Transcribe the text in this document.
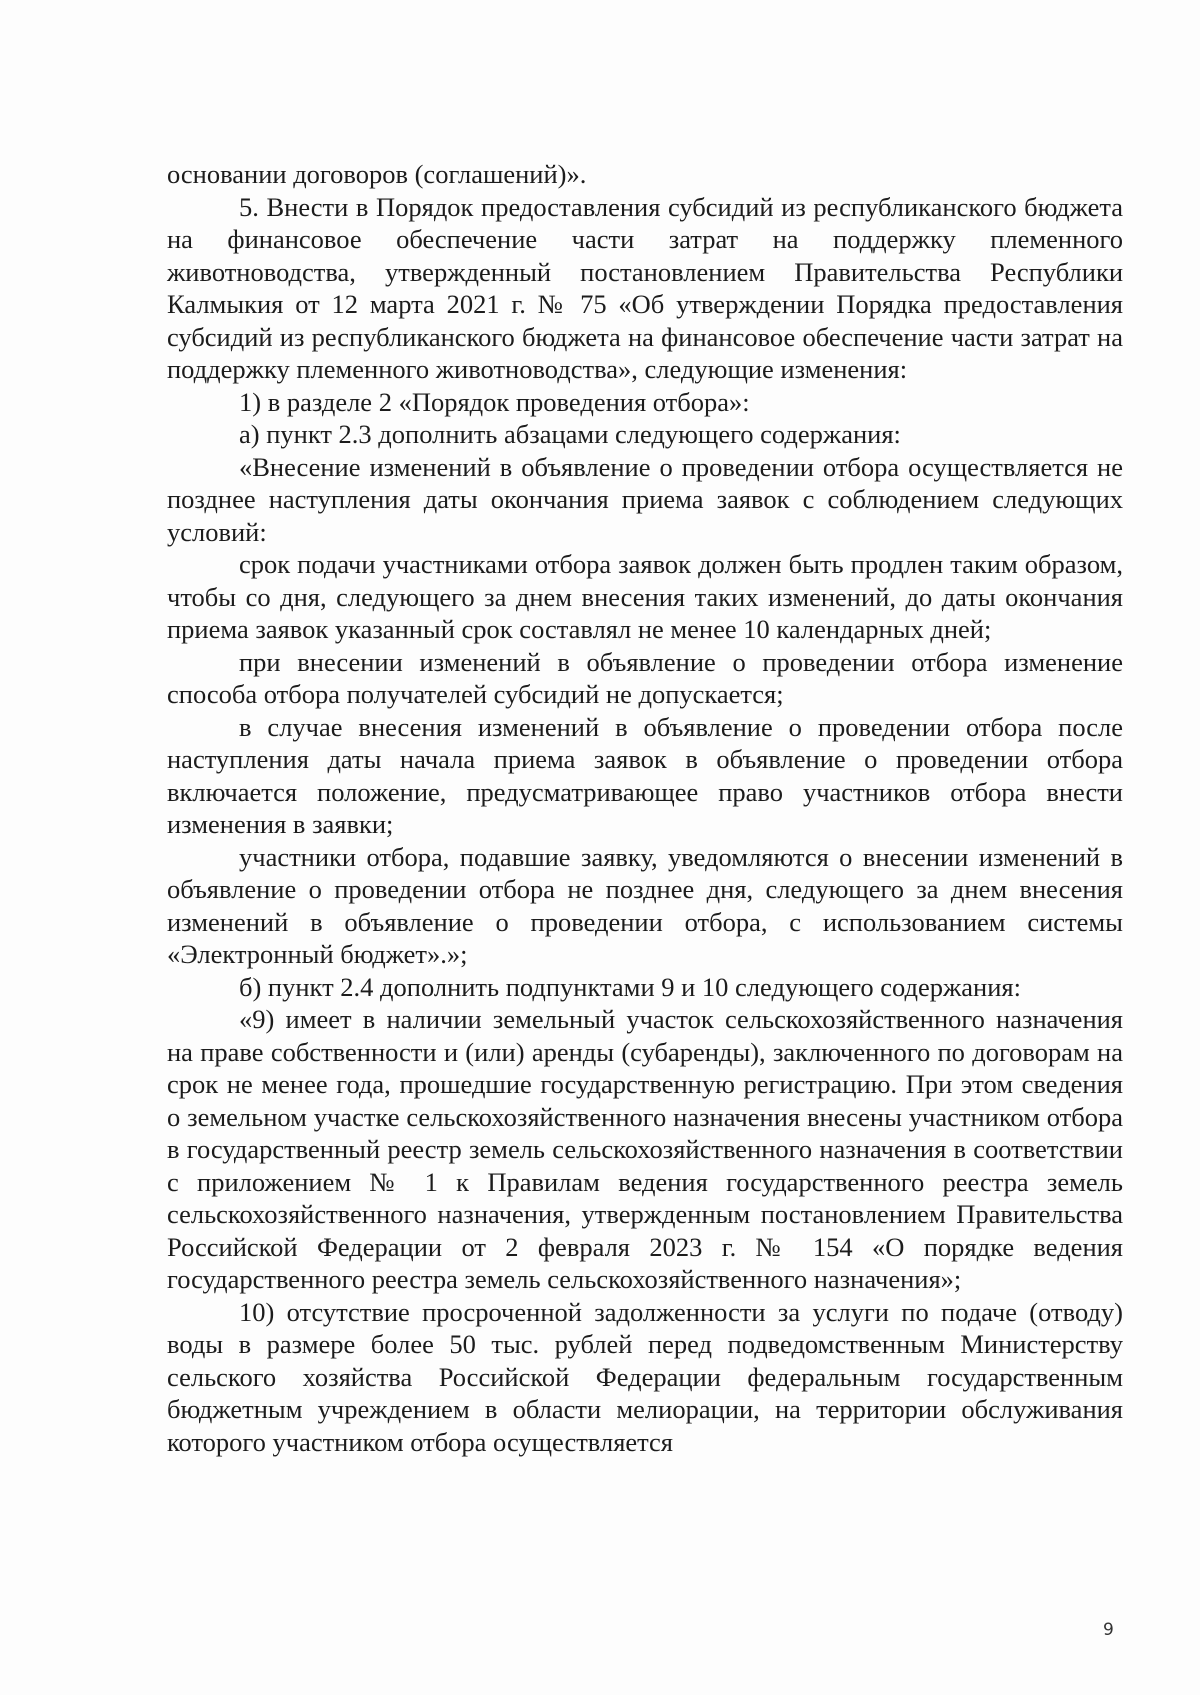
основании договоров (соглашений)».

5. Внести в Порядок предоставления субсидий из республиканского бюджета на финансовое обеспечение части затрат на поддержку племенного животноводства, утвержденный постановлением Правительства Республики Калмыкия от 12 марта 2021 г. № 75 «Об утверждении Порядка предоставления субсидий из республиканского бюджета на финансовое обеспечение части затрат на поддержку племенного животноводства», следующие изменения:

1) в разделе 2 «Порядок проведения отбора»:

а) пункт 2.3 дополнить абзацами следующего содержания:

«Внесение изменений в объявление о проведении отбора осуществляется не позднее наступления даты окончания приема заявок с соблюдением следующих условий:

срок подачи участниками отбора заявок должен быть продлен таким образом, чтобы со дня, следующего за днем внесения таких изменений, до даты окончания приема заявок указанный срок составлял не менее 10 календарных дней;

при внесении изменений в объявление о проведении отбора изменение способа отбора получателей субсидий не допускается;

в случае внесения изменений в объявление о проведении отбора после наступления даты начала приема заявок в объявление о проведении отбора включается положение, предусматривающее право участников отбора внести изменения в заявки;

участники отбора, подавшие заявку, уведомляются о внесении изменений в объявление о проведении отбора не позднее дня, следующего за днем внесения изменений в объявление о проведении отбора, с использованием системы «Электронный бюджет».»;

б) пункт 2.4 дополнить подпунктами 9 и 10 следующего содержания:

«9) имеет в наличии земельный участок сельскохозяйственного назначения на праве собственности и (или) аренды (субаренды), заключенного по договорам на срок не менее года, прошедшие государственную регистрацию. При этом сведения о земельном участке сельскохозяйственного назначения внесены участником отбора в государственный реестр земель сельскохозяйственного назначения в соответствии с приложением № 1 к Правилам ведения государственного реестра земель сельскохозяйственного назначения, утвержденным постановлением Правительства Российской Федерации от 2 февраля 2023 г. № 154 «О порядке ведения государственного реестра земель сельскохозяйственного назначения»;

10) отсутствие просроченной задолженности за услуги по подаче (отводу) воды в размере более 50 тыс. рублей перед подведомственным Министерству сельского хозяйства Российской Федерации федеральным государственным бюджетным учреждением в области мелиорации, на территории обслуживания которого участником отбора осуществляется

9
